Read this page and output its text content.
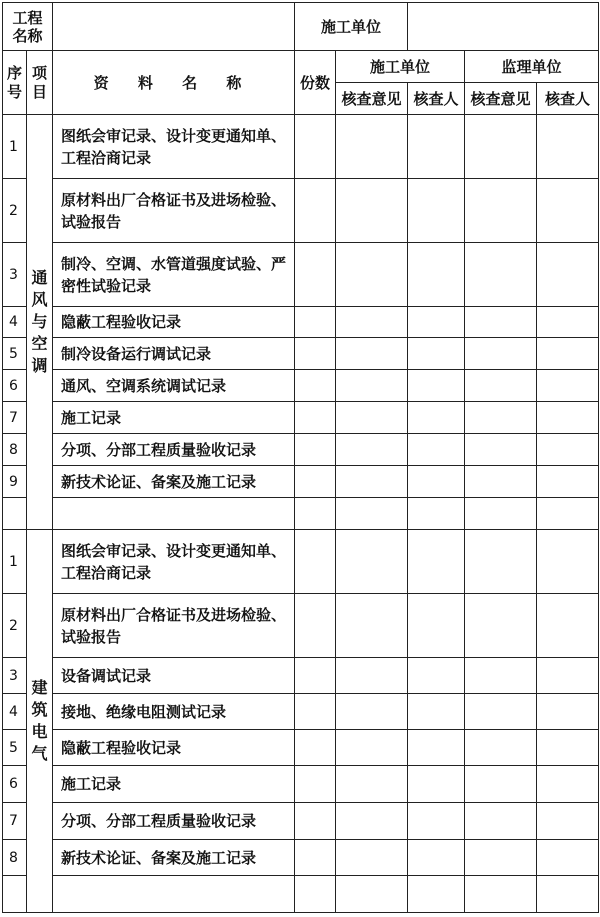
工程名称			施工单位				
序号	项目	资 料 名 称	份数	施工单位		监理单位	
				核查意见	核查人	核查意见	核查人
1	通风与空调	图纸会审记录、设计变更通知单、工程洽商记录					
2		原材料出厂合格证书及进场检验、试验报告					
3		制冷、空调、水管道强度试验、严密性试验记录					
4		隐蔽工程验收记录					
5		制冷设备运行调试记录					
6		通风、空调系统调试记录					
7		施工记录					
8		分项、分部工程质量验收记录					
9		新技术论证、备案及施工记录					

1	建筑电气	图纸会审记录、设计变更通知单、工程洽商记录					
2		原材料出厂合格证书及进场检验、试验报告					
3		设备调试记录					
4		接地、绝缘电阻测试记录					
5		隐蔽工程验收记录					
6		施工记录					
7		分项、分部工程质量验收记录					
8		新技术论证、备案及施工记录					
